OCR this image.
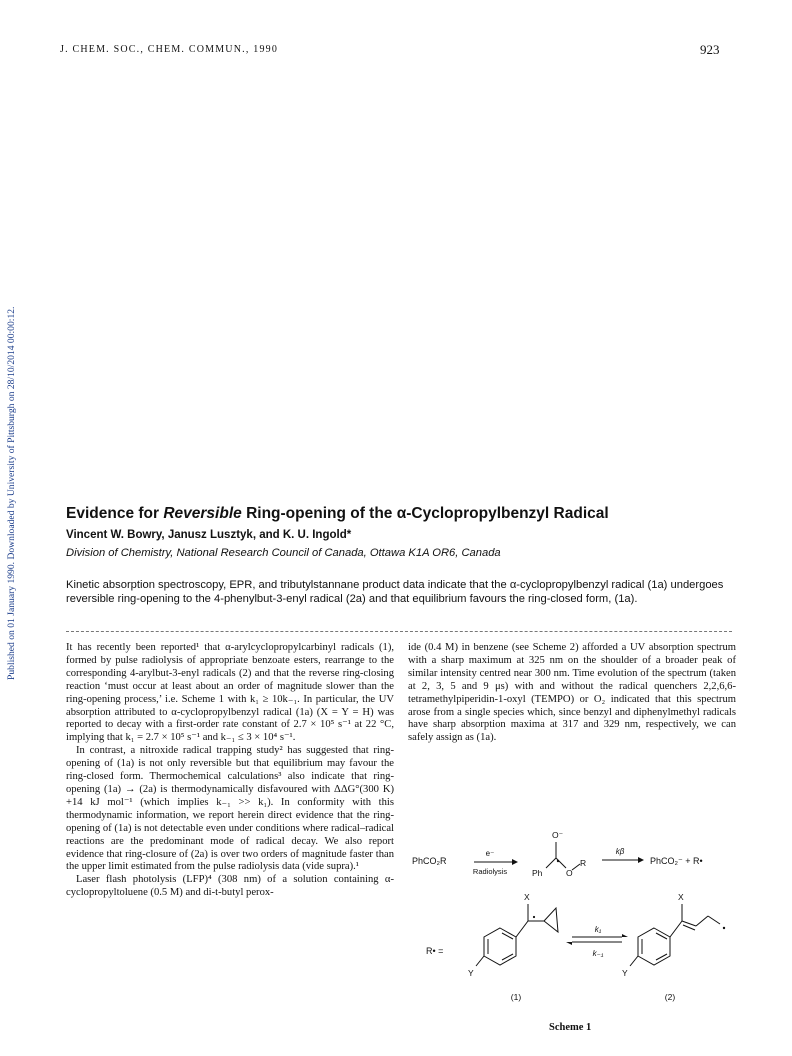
J. CHEM. SOC., CHEM. COMMUN., 1990	923
Published on 01 January 1990. Downloaded by University of Pittsburgh on 28/10/2014 00:00:12.	Evidence for Reversible Ring-opening of the α-Cyclopropylbenzyl Radical
Vincent W. Bowry, Janusz Lusztyk, and K. U. Ingold*
Division of Chemistry, National Research Council of Canada, Ottawa K1A OR6, Canada
Kinetic absorption spectroscopy, EPR, and tributylstannane product data indicate that the α-cyclopropylbenzyl radical (1a) undergoes reversible ring-opening to the 4-phenylbut-3-enyl radical (2a) and that equilibrium favours the ring-closed form, (1a).

It has recently been reported¹ that α-arylcyclopropylcarbinyl radicals (1), formed by pulse radiolysis of appropriate benzoate esters, rearrange to the corresponding 4-arylbut-3-enyl radicals (2) and that the reverse ring-closing reaction ‘must occur at least about an order of magnitude slower than the ring-opening process,’ i.e. Scheme 1 with k₁ ≥ 10k₋₁. In particular, the UV absorption attributed to α-cyclopropylbenzyl radical (1a) (X = Y = H) was reported to decay with a first-order rate constant of 2.7 × 10⁵ s⁻¹ at 22 °C, implying that k₁ = 2.7 × 10⁵ s⁻¹ and k₋₁ ≤ 3 × 10⁴ s⁻¹.

In contrast, a nitroxide radical trapping study² has suggested that ring-opening of (1a) is not only reversible but that equilibrium may favour the ring-closed form. Thermochemical calculations³ also indicate that ring-opening (1a) → (2a) is thermodynamically disfavoured with ΔΔG°(300 K) +14 kJ mol⁻¹ (which implies k₋₁ >> k₁). In conformity with this thermodynamic information, we report herein direct evidence that the ring-opening of (1a) is not detectable even under conditions where radical–radical reactions are the predominant mode of radical decay. We also report evidence that ring-closure of (2a) is over two orders of magnitude faster than the upper limit estimated from the pulse radiolysis data (vide supra).¹

Laser flash photolysis (LFP)⁴ (308 nm) of a solution containing α-cyclopropyltoluene (0.5 M) and di-t-butyl perox-

ide (0.4 M) in benzene (see Scheme 2) afforded a UV absorption spectrum with a sharp maximum at 325 nm on the shoulder of a broader peak of similar intensity centred near 300 nm. Time evolution of the spectrum (taken at 2, 3, 5 and 9 μs) with and without the radical quenchers 2,2,6,6-tetramethylpiperidin-1-oxyl (TEMPO) or O₂ indicated that this spectrum arose from a single species which, since benzyl and diphenylmethyl radicals have sharp absorption maxima at 317 and 329 nm, respectively, we can safely assign as (1a).

PhCO₂R
e⁻
Radiolysis
O⁻
Ph	O
R
kβ
PhCO₂⁻ + R•
R• =
X
Y
k₁
k₋₁
X
Y
(1)	(2)
Scheme 1
